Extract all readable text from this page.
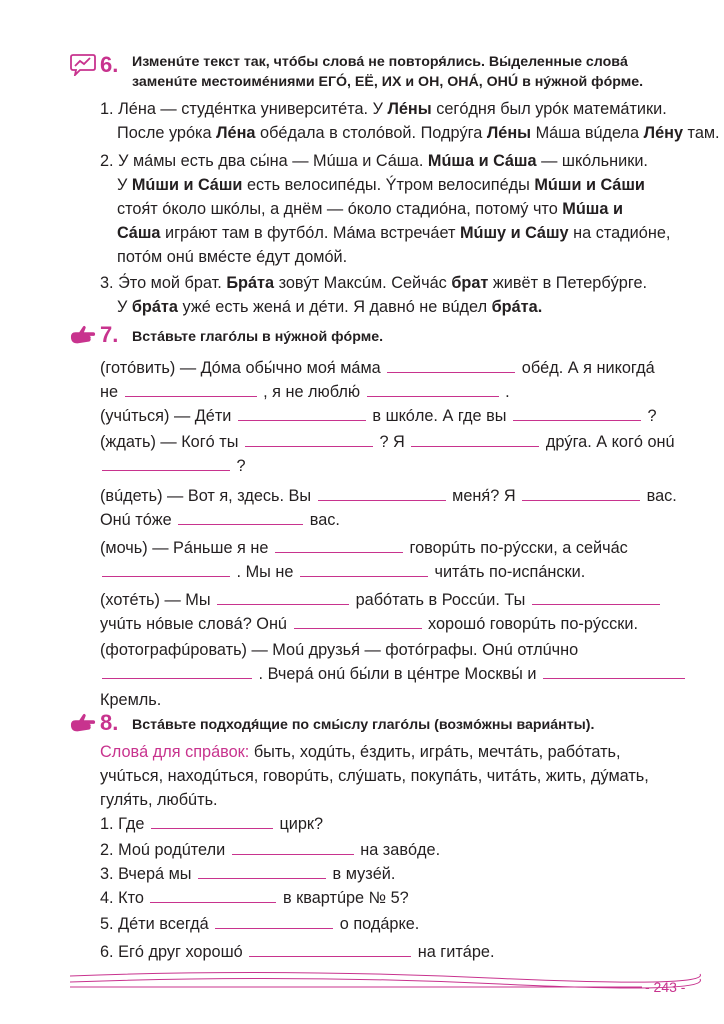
6. Изменúте текст так, чтóбы словá не повторя́лись. Вы́деленные словá
заменúте местоимéниями ЕГÓ, ЕЁ, ИХ и ОН, ОНÁ, ОНÚ в нýжной фóрме.
1. Лéна — студéнтка университéта. У Лéны сегóдня был урóк матемáтики.
После урóка Лéна обéдала в столóвой. Подрýга Лéны Мáша вúдела Лéну там.
2. У мáмы есть два сы́на — Мúша и Сáша. Мúша и Сáша — шкóльники.
У Мúши и Сáши есть велосипéды. Ýтром велосипéды Мúши и Сáши
стоя́т óколо шкóлы, а днём — óколо стадиóна, потомý что Мúша и
Сáша игрáют там в футбóл. Мáма встречáет Мúшу и Сáшу на стадиóне,
потóм онú вмéсте éдут домóй.
3. Э́то мой брат. Брáта зовýт Максúм. Сейчáс брат живёт в Петербýрге.
У брáта ужé есть женá и дéти. Я давнó не вúдел брáта.
7. Встáвьте глагóлы в нýжной фóрме.
(готóвить) — Дóма обы́чно моя́ мáма	обéд. А я никогдá
не	, я не люблю́	.
(учúться) — Дéти	в шкóле. А где вы	?
(ждать) — Когó ты	? Я	дрýга. А когó онú
?
(вúдеть) — Вот я, здесь. Вы	меня́? Я	вас.
Онú тóже	вас.
(мочь) — Рáньше я не	говорúть по-рýсски, а сейчáс
. Мы не	читáть по-испáнски.
(хотéть) — Мы	рабóтать в Росcúи. Ты
учúть нóвые словá? Онú	хорошó говорúть по-рýсски.
(фотографúровать) — Моú друзья́ — фотóграфы. Онú отлúчно
. Вчерá онú бы́ли в цéнтре Москвы́ и
Кремль.
8. Встáвьте подходя́щие по смы́слу глагóлы (возмóжны вариáнты).
Словá для спрáвок: быть, ходúть, éздить, игрáть, мечтáть, рабóтать,
учúться, находúться, говорúть, слýшать, покупáть, читáть, жить, дýмать,
гуля́ть, любúть.
1. Где	цирк?
2. Моú родúтели	на завóде.
3. Вчерá мы	в музéй.
4. Кто	в квартúре № 5?
5. Дéти всегдá	о подáрке.
6. Егó друг хорошó	на гитáре.
- 243 -
